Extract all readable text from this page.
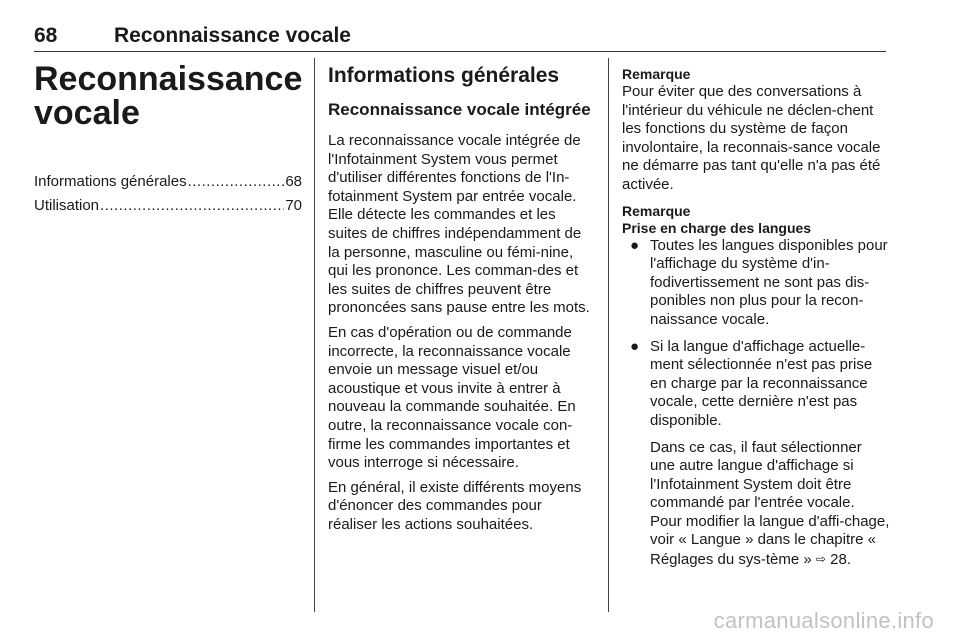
68	Reconnaissance vocale
Reconnaissance
vocale
Informations générales .....	68
Utilisation .....	70
Informations générales
Reconnaissance vocale intégrée

La reconnaissance vocale intégrée de l'Infotainment System vous permet d'utiliser différentes fonctions de l'In-fotainment System par entrée vocale. Elle détecte les commandes et les suites de chiffres indépendamment de la personne, masculine ou fémi-nine, qui les prononce. Les comman-des et les suites de chiffres peuvent être prononcées sans pause entre les mots.

En cas d'opération ou de commande incorrecte, la reconnaissance vocale envoie un message visuel et/ou acoustique et vous invite à entrer à nouveau la commande souhaitée. En outre, la reconnaissance vocale con-firme les commandes importantes et vous interroge si nécessaire.

En général, il existe différents moyens d'énoncer des commandes pour réaliser les actions souhaitées.

Remarque
Pour éviter que des conversations à l'intérieur du véhicule ne déclen-chent les fonctions du système de façon involontaire, la reconnais-sance vocale ne démarre pas tant qu'elle n'a pas été activée.
Remarque
Prise en charge des langues
● Toutes les langues disponibles pour l'affichage du système d'in-fodivertissement ne sont pas dis-ponibles non plus pour la recon-naissance vocale.

● Si la langue d'affichage actuelle-ment sélectionnée n'est pas prise en charge par la reconnaissance vocale, cette dernière n'est pas disponible.

Dans ce cas, il faut sélectionner une autre langue d'affichage si l'Infotainment System doit être commandé par l'entrée vocale. Pour modifier la langue d'affi-chage, voir « Langue » dans le chapitre « Réglages du sys-tème » ⇨ 28.

carmanualsonline.info
